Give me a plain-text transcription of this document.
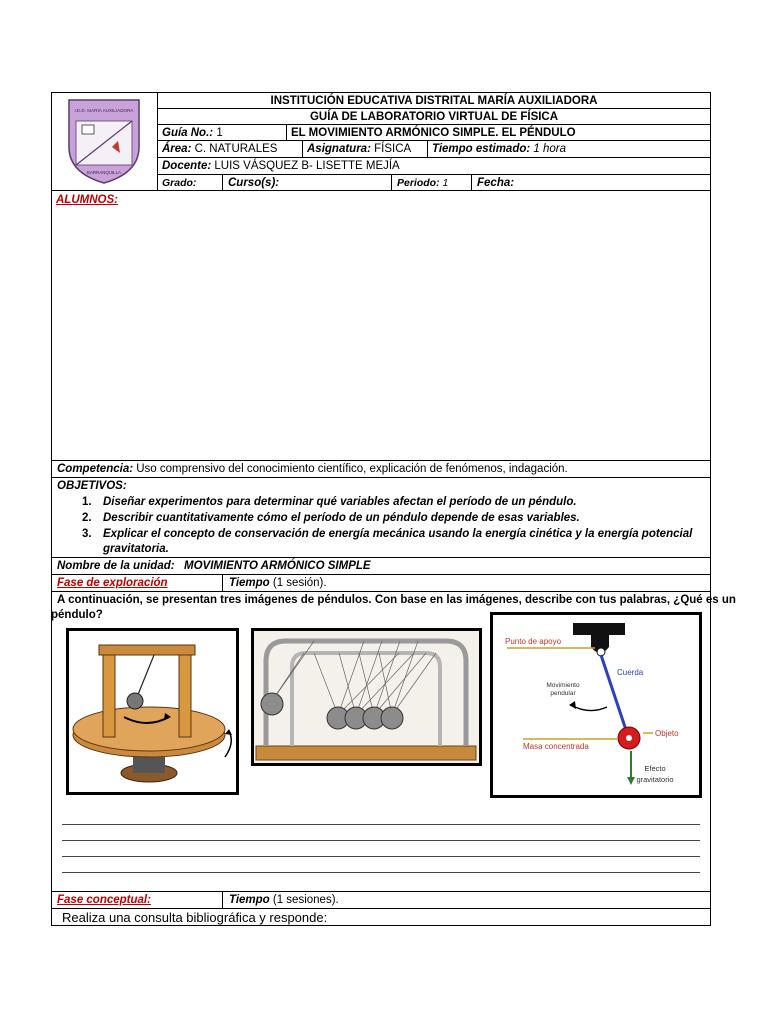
I.E.D. MARÍA AUXILIADORA
BARRANQUILLA
INSTITUCIÓN EDUCATIVA DISTRITAL MARÍA AUXILIADORA
GUÍA DE LABORATORIO VIRTUAL DE FÍSICA
Guía No.: 1	EL MOVIMIENTO ARMÓNICO SIMPLE. EL PÉNDULO
Área: C. NATURALES	Asignatura: FÍSICA Tiempo estimado: 1 hora
Docente: LUIS VÁSQUEZ B- LISETTE MEJÍA
Grado:	Curso(s):	Periodo: 1 Fecha:
ALUMNOS:
Competencia: Uso comprensivo del conocimiento científico, explicación de fenómenos, indagación.
OBJETIVOS:
1. Diseñar experimentos para determinar qué variables afectan el período de un péndulo.
2. Describir cuantitativamente cómo el período de un péndulo depende de esas variables.
3. Explicar el concepto de conservación de energía mecánica usando la energía cinética y la energía potencial
gravitatoria.
Nombre de la unidad: MOVIMIENTO ARMÓNICO SIMPLE
Fase de exploración	Tiempo (1 sesión).
A continuación, se presentan tres imágenes de péndulos. Con base en las imágenes, describe con tus palabras, ¿Qué es un
péndulo?
Punto de apoyo
Cuerda
Movimiento
pendular
Objeto
Masa concentrada
Efecto
gravitatorio
Fase conceptual:	Tiempo (1 sesiones).
Realiza una consulta bibliográfica y responde:
